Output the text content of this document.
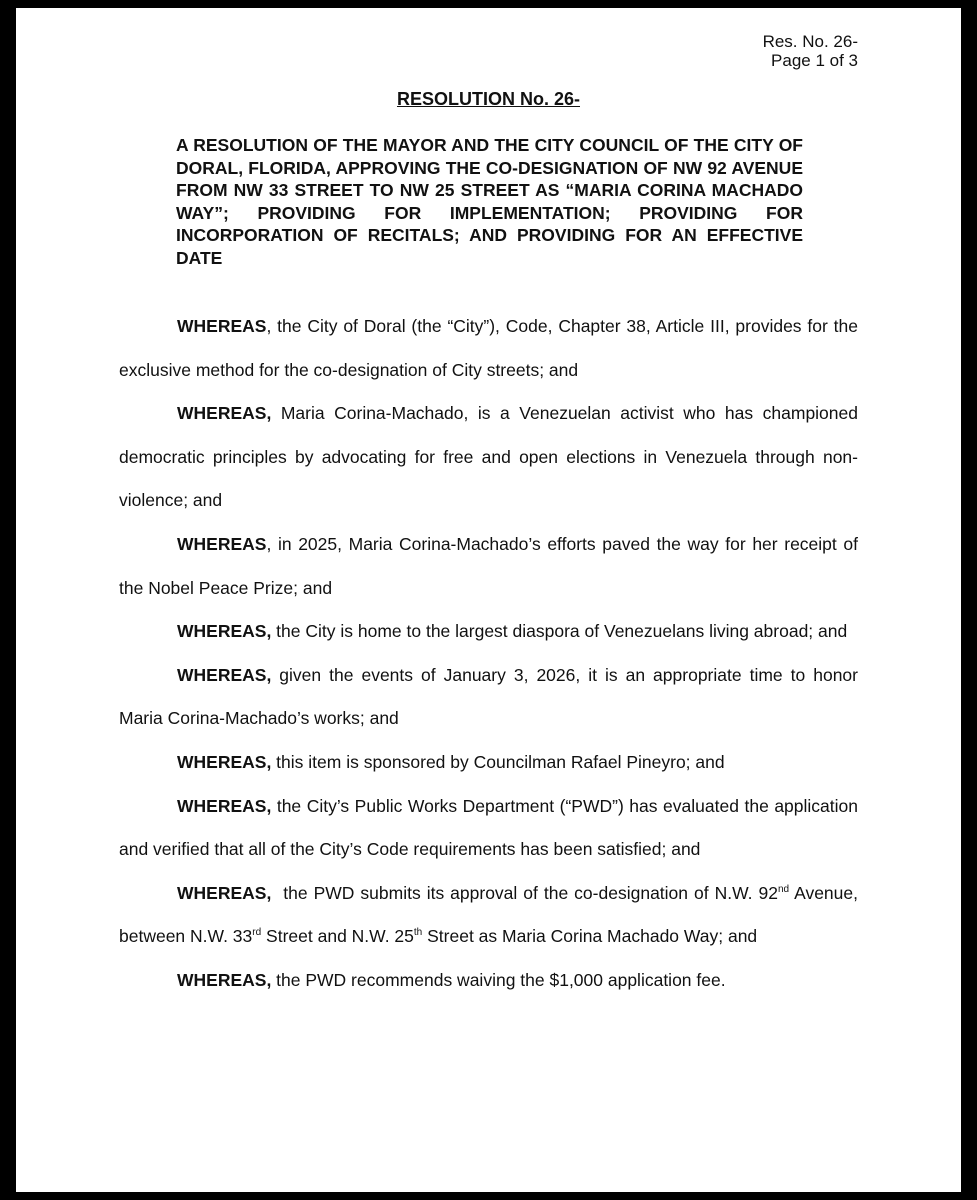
Res. No. 26-
Page 1 of 3
RESOLUTION No. 26-

A RESOLUTION OF THE MAYOR AND THE CITY COUNCIL OF THE CITY OF DORAL, FLORIDA, APPROVING THE CO-DESIGNATION OF NW 92 AVENUE FROM NW 33 STREET TO NW 25 STREET AS “MARIA CORINA MACHADO WAY”; PROVIDING FOR IMPLEMENTATION; PROVIDING FOR INCORPORATION OF RECITALS; AND PROVIDING FOR AN EFFECTIVE DATE

WHEREAS, the City of Doral (the “City”), Code, Chapter 38, Article III, provides for the exclusive method for the co-designation of City streets; and

WHEREAS, Maria Corina-Machado, is a Venezuelan activist who has championed democratic principles by advocating for free and open elections in Venezuela through non-violence; and

WHEREAS, in 2025, Maria Corina-Machado’s efforts paved the way for her receipt of the Nobel Peace Prize; and

WHEREAS, the City is home to the largest diaspora of Venezuelans living abroad; and

WHEREAS, given the events of January 3, 2026, it is an appropriate time to honor Maria Corina-Machado’s works; and

WHEREAS, this item is sponsored by Councilman Rafael Pineyro; and

WHEREAS, the City’s Public Works Department (“PWD”) has evaluated the application and verified that all of the City’s Code requirements has been satisfied; and

WHEREAS,  the PWD submits its approval of the co-designation of N.W. 92nd Avenue, between N.W. 33rd Street and N.W. 25th Street as Maria Corina Machado Way; and

WHEREAS, the PWD recommends waiving the $1,000 application fee.
